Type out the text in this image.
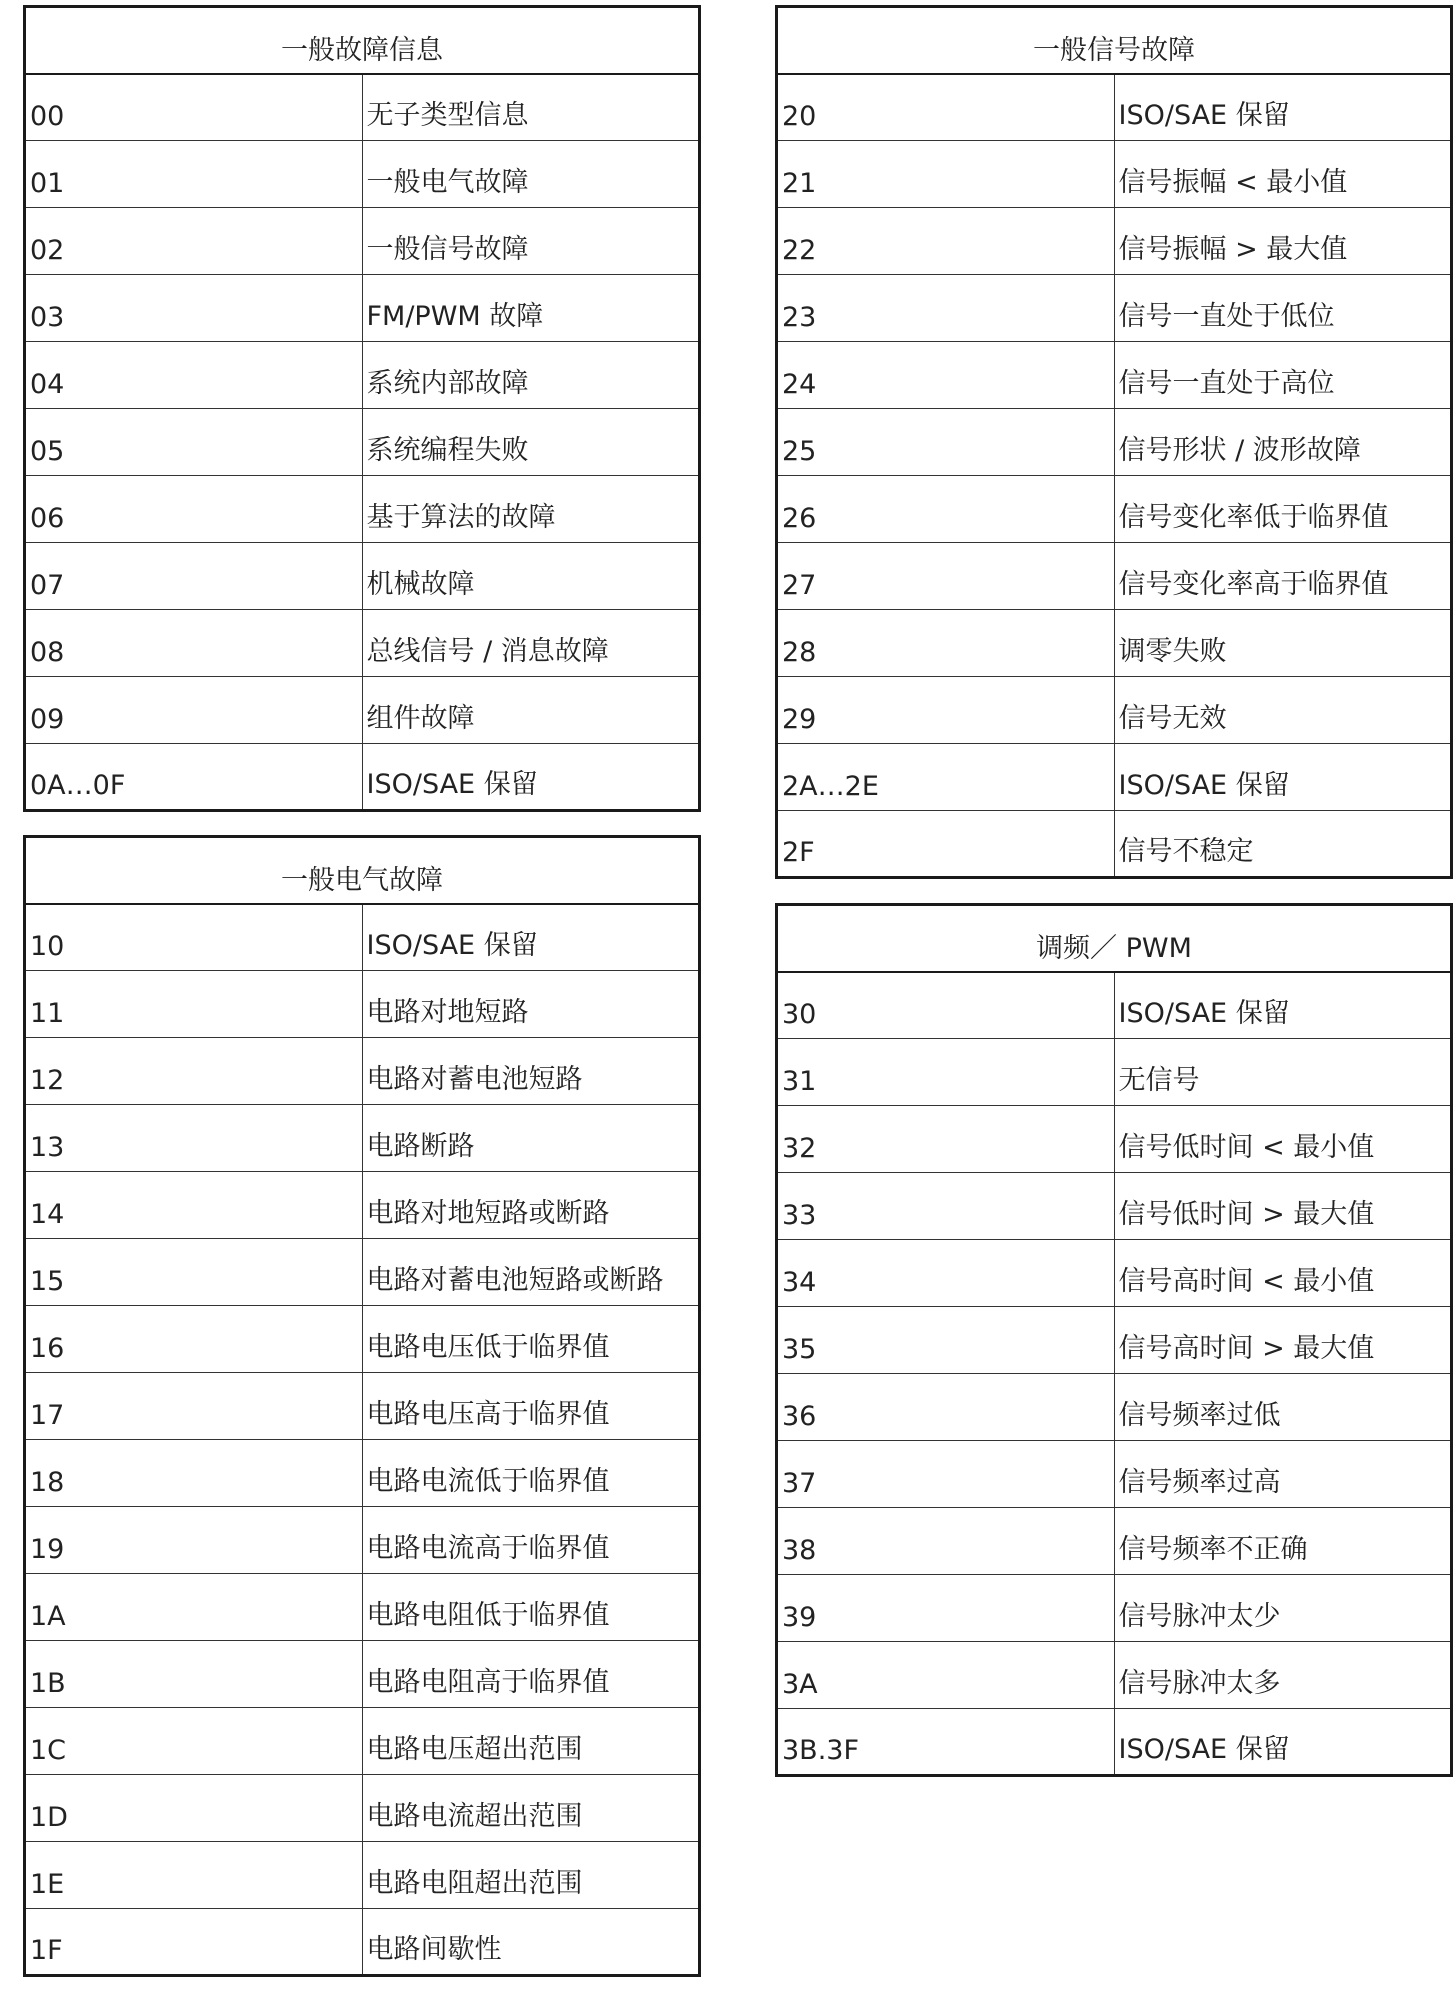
一般故障信息	
00	无子类型信息
01	一般电气故障
02	一般信号故障
03	FM/PWM 故障
04	系统内部故障
05	系统编程失败
06	基于算法的故障
07	机械故障
08	总线信号 / 消息故障
09	组件故障
0A…0F	ISO/SAE 保留
一般电气故障	
10	ISO/SAE 保留
11	电路对地短路
12	电路对蓄电池短路
13	电路断路
14	电路对地短路或断路
15	电路对蓄电池短路或断路
16	电路电压低于临界值
17	电路电压高于临界值
18	电路电流低于临界值
19	电路电流高于临界值
1A	电路电阻低于临界值
1B	电路电阻高于临界值
1C	电路电压超出范围
1D	电路电流超出范围
1E	电路电阻超出范围
1F	电路间歇性
一般信号故障	
20	ISO/SAE 保留
21	信号振幅 < 最小值
22	信号振幅 > 最大值
23	信号一直处于低位
24	信号一直处于高位
25	信号形状 / 波形故障
26	信号变化率低于临界值
27	信号变化率高于临界值
28	调零失败
29	信号无效
2A…2E	ISO/SAE 保留
2F	信号不稳定
调频／ PWM	
30	ISO/SAE 保留
31	无信号
32	信号低时间 < 最小值
33	信号低时间 > 最大值
34	信号高时间 < 最小值
35	信号高时间 > 最大值
36	信号频率过低
37	信号频率过高
38	信号频率不正确
39	信号脉冲太少
3A	信号脉冲太多
3B.3F	ISO/SAE 保留
